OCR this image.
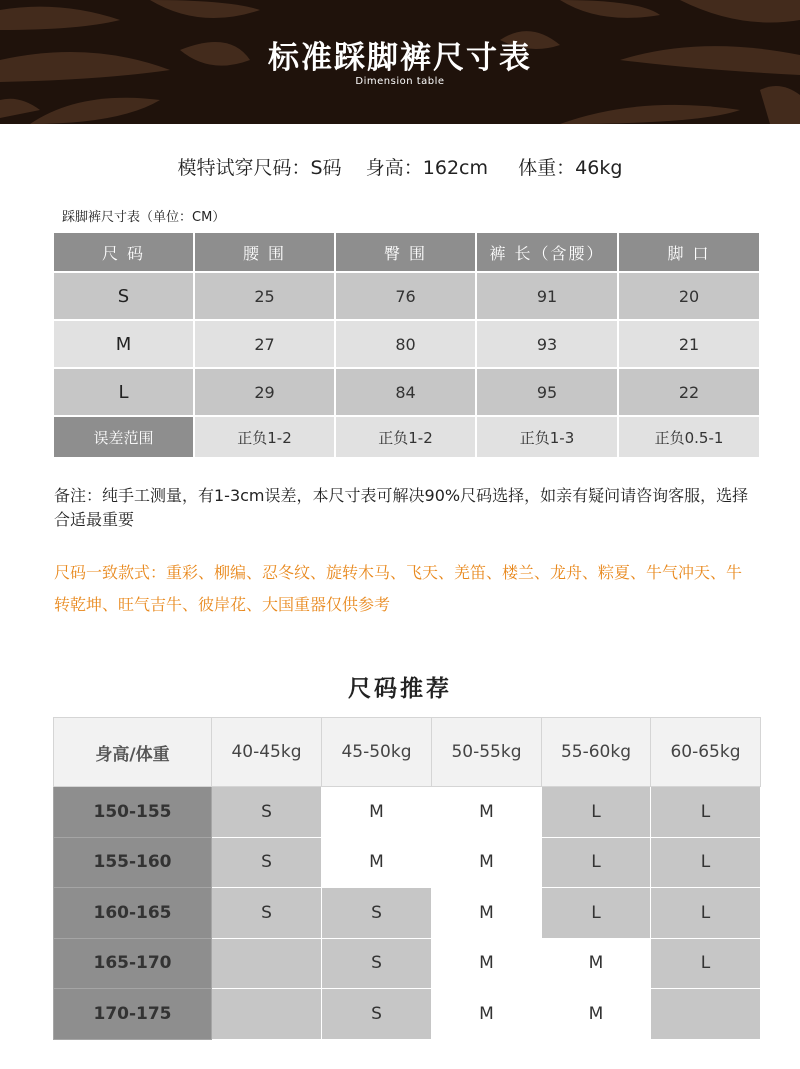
标准踩脚裤尺寸表
Dimension table
模特试穿尺码：S码    身高：162cm     体重：46kg
踩脚裤尺寸表（单位：CM）
尺 码	腰 围	臀 围	裤 长（含腰）	脚 口
S	25	76	91	20
M	27	80	93	21
L	29	84	95	22
误差范围	正负1-2	正负1-2	正负1-3	正负0.5-1
备注：纯手工测量，有1-3cm误差，本尺寸表可解决90%尺码选择，如亲有疑问请咨询客服，选择合适最重要
尺码一致款式：重彩、柳编、忍冬纹、旋转木马、飞天、羌笛、楼兰、龙舟、粽夏、牛气冲天、牛转乾坤、旺气吉牛、彼岸花、大国重器仅供参考
尺码推荐
身高/体重	40-45kg	45-50kg	50-55kg	55-60kg	60-65kg
150-155	S	M	M	L	L
155-160	S	M	M	L	L
160-165	S	S	M	L	L
165-170		S	M	M	L
170-175		S	M	M	
